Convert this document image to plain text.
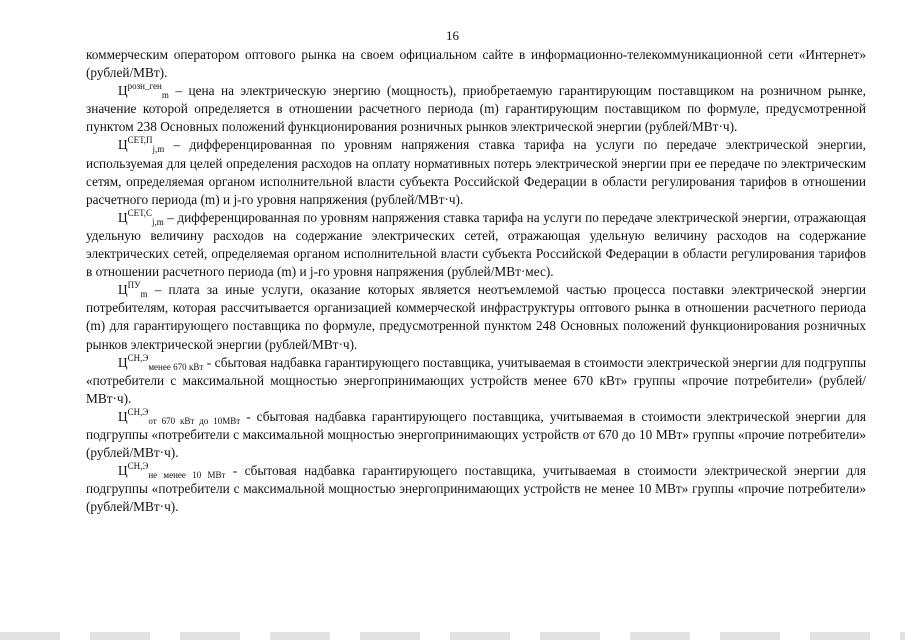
16

коммерческим оператором оптового рынка на своем официальном сайте в информационно-телекоммуникационной сети «Интернет» (рублей/МВт).

$Ц^{розн\_ген}_m$ – цена на электрическую энергию (мощность), приобретаемую гарантирующим поставщиком на розничном рынке, значение которой определяется в отношении расчетного периода (m) гарантирующим поставщиком по формуле, предусмотренной пунктом 238 Основных положений функционирования розничных рынков электрической энергии (рублей/МВт·ч).

$Ц^{СЕТ,П}_{j,m}$ – дифференцированная по уровням напряжения ставка тарифа на услуги по передаче электрической энергии, используемая для целей определения расходов на оплату нормативных потерь электрической энергии при ее передаче по электрическим сетям, определяемая органом исполнительной власти субъекта Российской Федерации в области регулирования тарифов в отношении расчетного периода (m) и j-го уровня напряжения (рублей/МВт·ч).

$Ц^{СЕТ,С}_{j,m}$ – дифференцированная по уровням напряжения ставка тарифа на услуги по передаче электрической энергии, отражающая удельную величину расходов на содержание электрических сетей, отражающая удельную величину расходов на содержание электрических сетей, определяемая органом исполнительной власти субъекта Российской Федерации в области регулирования тарифов в отношении расчетного периода (m) и j-го уровня напряжения (рублей/МВт·мес).

$Ц^{ПУ}_m$ – плата за иные услуги, оказание которых является неотъемлемой частью процесса поставки электрической энергии потребителям, которая рассчитывается организацией коммерческой инфраструктуры оптового рынка в отношении расчетного периода (m) для гарантирующего поставщика по формуле, предусмотренной пунктом 248 Основных положений функционирования розничных рынков электрической энергии (рублей/МВт·ч).

$Ц^{СН,Э}_{менее 670 кВт}$ - сбытовая надбавка гарантирующего поставщика, учитываемая в стоимости электрической энергии для подгруппы «потребители с максимальной мощностью энергопринимающих устройств менее 670 кВт» группы «прочие потребители» (рублей/МВт·ч).

$Ц^{СН,Э}_{от 670 кВт до 10МВт}$ - сбытовая надбавка гарантирующего поставщика, учитываемая в стоимости электрической энергии для подгруппы «потребители с максимальной мощностью энергопринимающих устройств от 670 до 10 МВт» группы «прочие потребители» (рублей/МВт·ч).

$Ц^{СН,Э}_{не менее 10 МВт}$ - сбытовая надбавка гарантирующего поставщика, учитываемая в стоимости электрической энергии для подгруппы «потребители с максимальной мощностью энергопринимающих устройств не менее 10 МВт» группы «прочие потребители» (рублей/МВт·ч).
